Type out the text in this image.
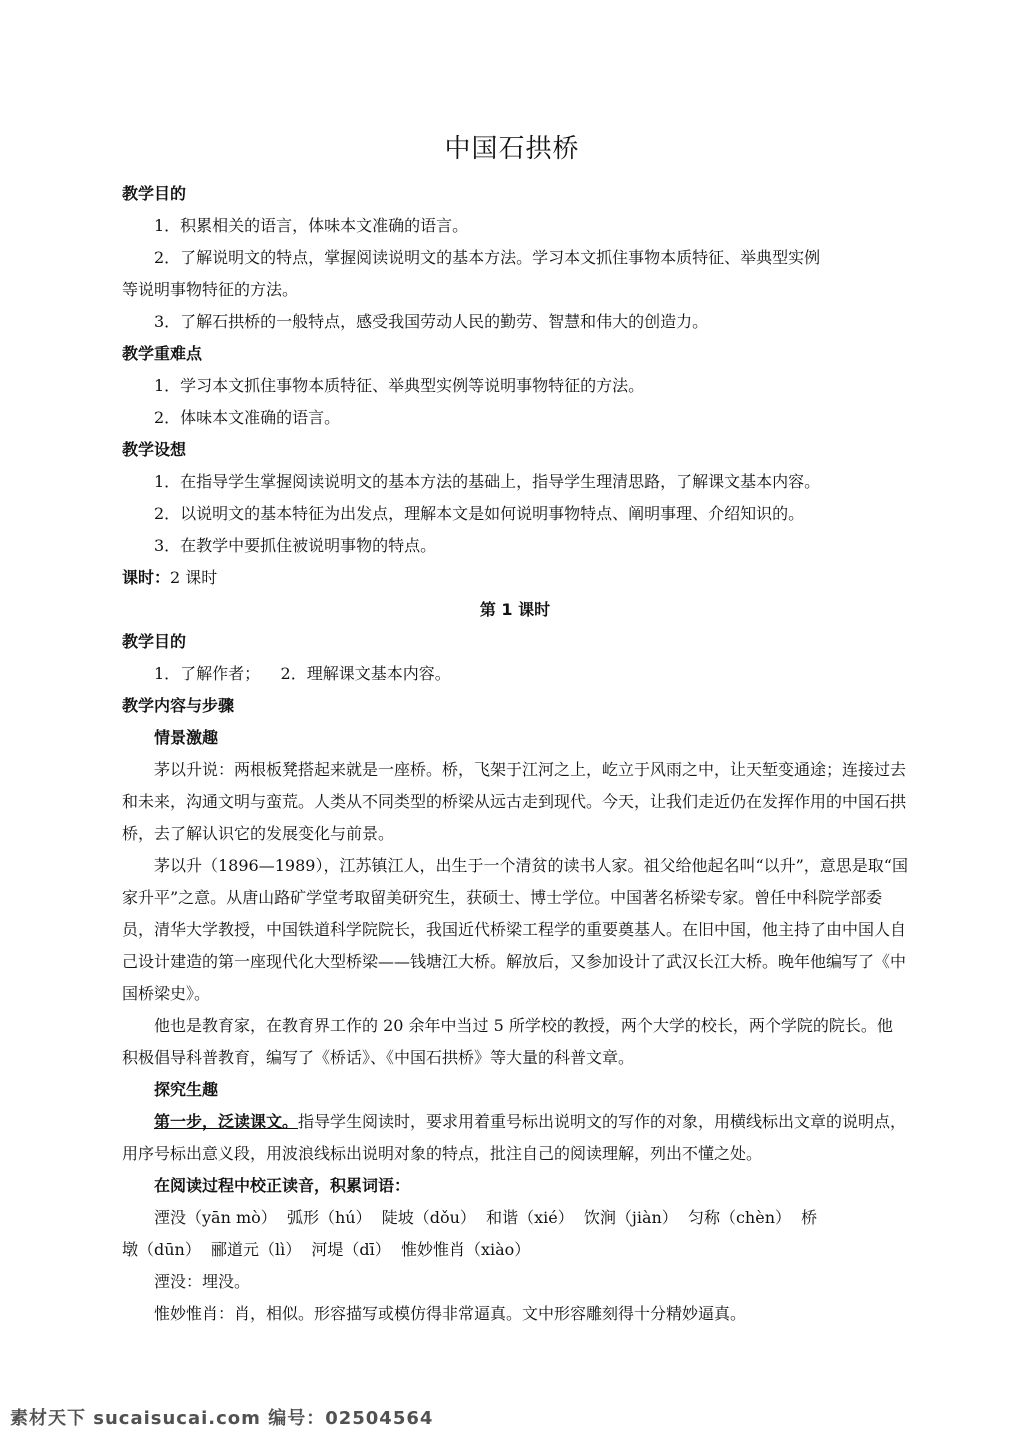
中国石拱桥

教学目的

1．积累相关的语言，体味本文准确的语言。

2．了解说明文的特点，掌握阅读说明文的基本方法。学习本文抓住事物本质特征、举典型实例

等说明事物特征的方法。

3．了解石拱桥的一般特点，感受我国劳动人民的勤劳、智慧和伟大的创造力。

教学重难点

1．学习本文抓住事物本质特征、举典型实例等说明事物特征的方法。

2．体味本文准确的语言。

教学设想

1．在指导学生掌握阅读说明文的基本方法的基础上，指导学生理清思路，了解课文基本内容。

2．以说明文的基本特征为出发点，理解本文是如何说明事物特点、阐明事理、介绍知识的。

3．在教学中要抓住被说明事物的特点。

课时：2 课时

第 1 课时

教学目的

1．了解作者；    2．理解课文基本内容。

教学内容与步骤

情景激趣

茅以升说：两根板凳搭起来就是一座桥。桥，飞架于江河之上，屹立于风雨之中，让天堑变通途；连接过去和未来，沟通文明与蛮荒。人类从不同类型的桥梁从远古走到现代。今天，让我们走近仍在发挥作用的中国石拱桥，去了解认识它的发展变化与前景。

茅以升（1896—1989），江苏镇江人，出生于一个清贫的读书人家。祖父给他起名叫“以升”，意思是取“国家升平”之意。从唐山路矿学堂考取留美研究生，获硕士、博士学位。中国著名桥梁专家。曾任中科院学部委员，清华大学教授，中国铁道科学院院长，我国近代桥梁工程学的重要奠基人。在旧中国，他主持了由中国人自己设计建造的第一座现代化大型桥梁——钱塘江大桥。解放后，又参加设计了武汉长江大桥。晚年他编写了《中国桥梁史》。

他也是教育家，在教育界工作的 20 余年中当过 5 所学校的教授，两个大学的校长，两个学院的院长。他积极倡导科普教育，编写了《桥话》、《中国石拱桥》等大量的科普文章。

探究生趣

第一步，泛读课文。指导学生阅读时，要求用着重号标出说明文的写作的对象，用横线标出文章的说明点，用序号标出意义段，用波浪线标出说明对象的特点，批注自己的阅读理解，列出不懂之处。

在阅读过程中校正读音，积累词语：

湮没（yān mò）  弧形（hú）  陡坡（dǒu）  和谐（xié）  饮涧（jiàn）  匀称（chèn）  桥

墩（dūn）  郦道元（lì）  河堤（dī）  惟妙惟肖（xiào）

湮没：埋没。

惟妙惟肖：肖，相似。形容描写或模仿得非常逼真。文中形容雕刻得十分精妙逼真。

素材天下 sucaisucai.com 编号：02504564
